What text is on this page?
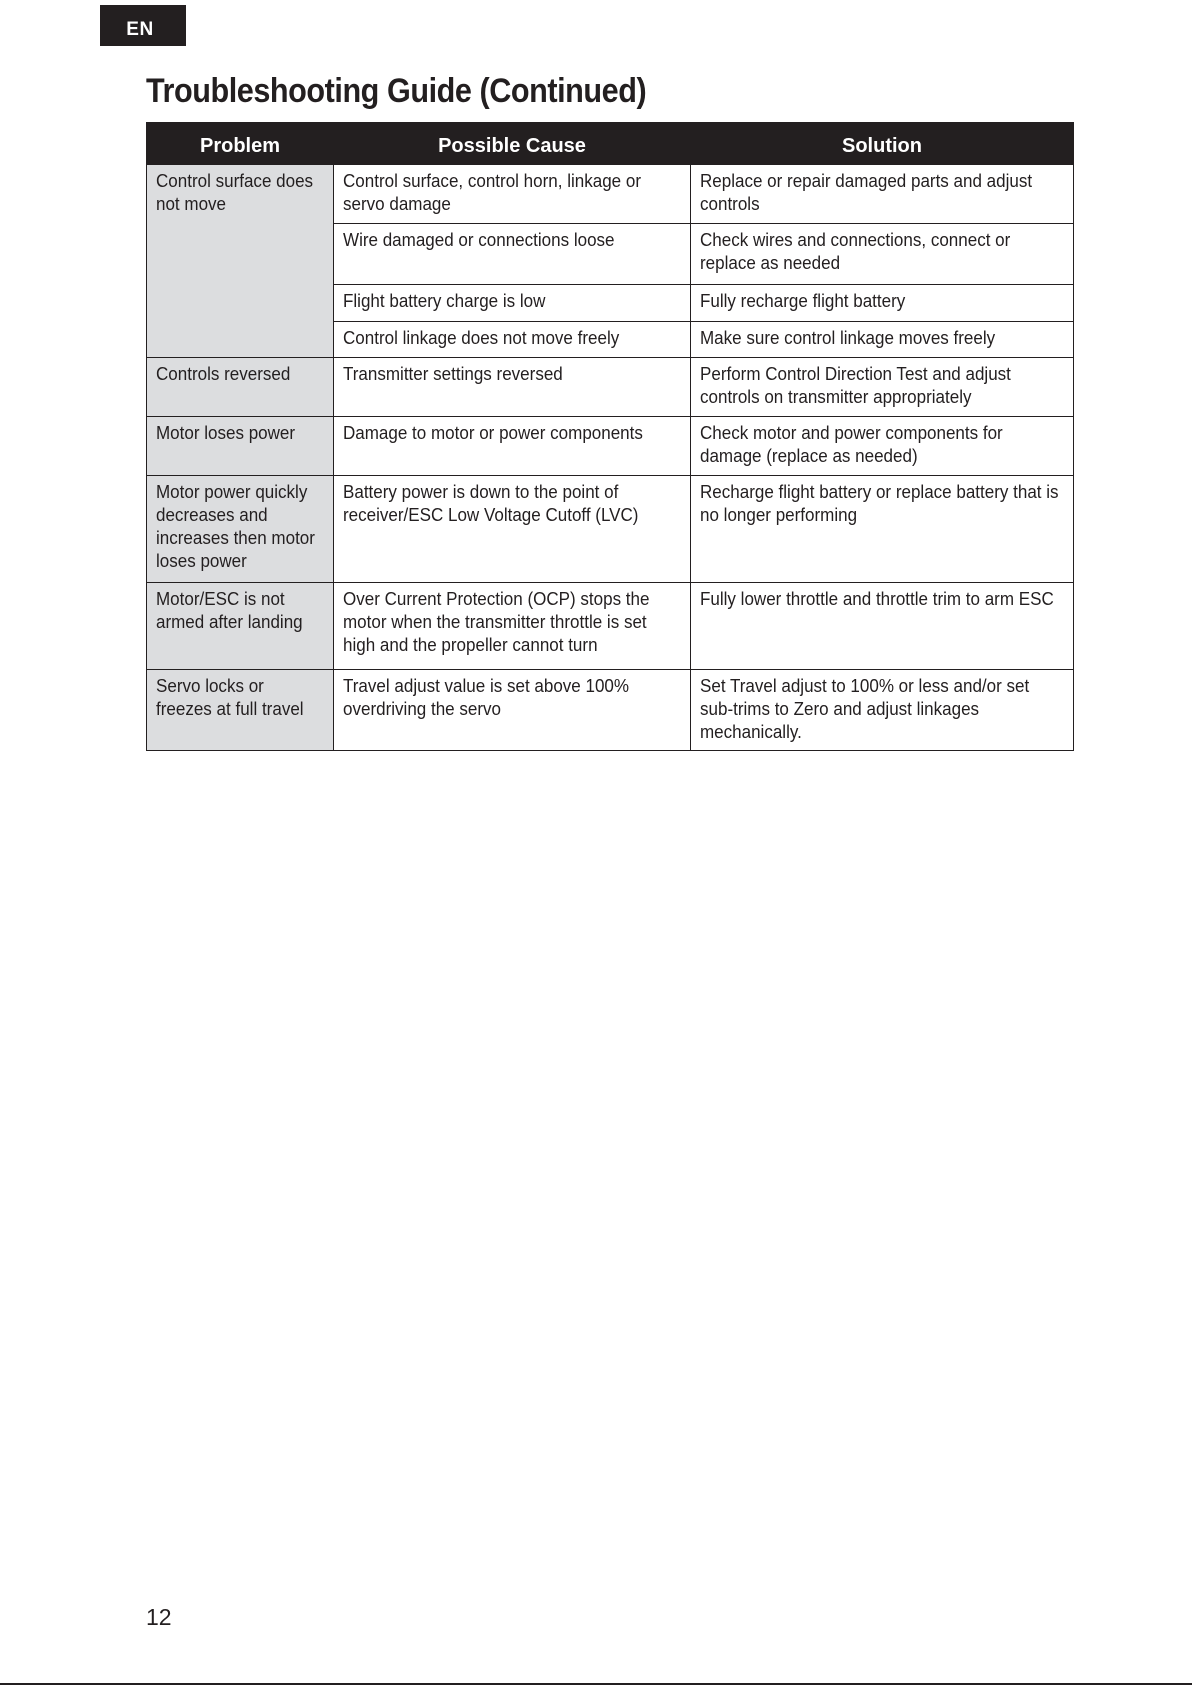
EN
Troubleshooting Guide (Continued)
Problem	Possible Cause	Solution

Control surface does not move	Control surface, control horn, linkage or servo damage	Replace or repair damaged parts and adjust controls

	Wire damaged or connections loose	Check wires and connections, connect or replace as needed

	Flight battery charge is low	Fully recharge flight battery

	Control linkage does not move freely	Make sure control linkage moves freely

Controls reversed	Transmitter settings reversed	Perform Control Direction Test and adjust controls on transmitter appropriately

Motor loses power	Damage to motor or power components	Check motor and power components for damage (replace as needed)

Motor power quickly decreases and increases then motor loses power	Battery power is down to the point of receiver/ESC Low Voltage Cutoff (LVC)	Recharge flight battery or replace battery that is no longer performing

Motor/ESC is not armed after landing	Over Current Protection (OCP) stops the motor when the transmitter throttle is set high and the propeller cannot turn	Fully lower throttle and throttle trim to arm ESC

Servo locks or freezes at full travel	Travel adjust value is set above 100% overdriving the servo	Set Travel adjust to 100% or less and/or set sub-trims to Zero and adjust linkages mechanically.
12
